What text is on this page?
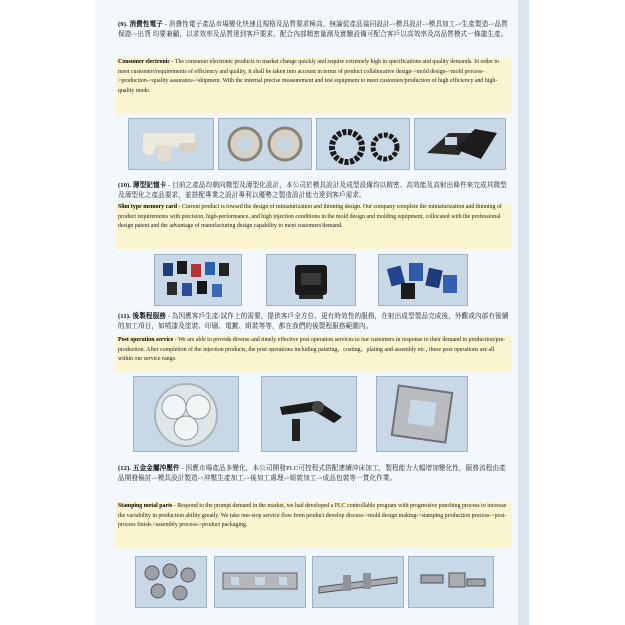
(9). 消費性電子 - 消費性電子產品市場變化快速且規格及品質要求極高，無論從產品協同設計->模具設計->模具加工->生產製造->品質保證->出貨 均要兼顧，以求效率及品質達到客戶要求，配合內部精密量測及實驗設備可配合客戶以高效率及高品質模式一條龍生產。
Consumer electronic - The consumer electronic products to market change quickly and require extremely high in specifications and quality demands. In order to meet customers'requirements of efficiency and quality, it shall be taken into account in terms of product collaborative design->mold design->mold process->production->quality assurance->shipment. With the internal precise measurement and test equipment to meet customers'production of high efficiency and high-quality mode.
(10). 薄型記憶卡 - 目前之產品均朝向微型及薄型化設計，本公司於模具設計及成型設備均以精密、高效能及高射出條件來完成其微型及薄型化之產品要求，並搭配專業之設計專利以優勢之製造設計能力達到客戶需求。
Slim type memory card - Current product is toward the design of miniaturization and thinning design. Our company complete the miniaturization and thinning of product requirements with precision, high-performance, and high injection conditions in the mold design and molding equipment, collocated with the professional design patent and the advantage of manufacturing design capability to meet customers'demand.
(11). 後製程服務 - 為因應客戶生產/試作上的需要，提供客戶全方位、更有時效性的服務，在射出成型製品完成後，外觀或內部有後續的加工項目，如噴漆及塗裝、印刷、電鍍、組裝等等，都在我們的後製程服務範圍內。
Post operation service - We are able to provide diverse and timely effective post operation services to our customers in response to their demand in production/pre-production. After completion of the injection products, the post operations including painting、coating、plating and assembly etc., these post operations are all within our service range.
(12). 五金金屬沖壓件 - 因應市場產品多變化，本公司開發PLC可控程式搭配連續沖床加工，製程能力大幅增加變化性，服務流程由產品開發檢討->模具設計製造->沖壓生產加工->後加工處理->組裝加工->成品包裝等一貫化作業。
Stamping metal parts - Respond to the prompt demand in the market, we had developed a PLC controllable program with progressive punching process to increase the variability in production ability greatly. We take one-stop service flow from product develop discuss->mold design making->stamping production process->post-process finish->assembly process->product packaging.
